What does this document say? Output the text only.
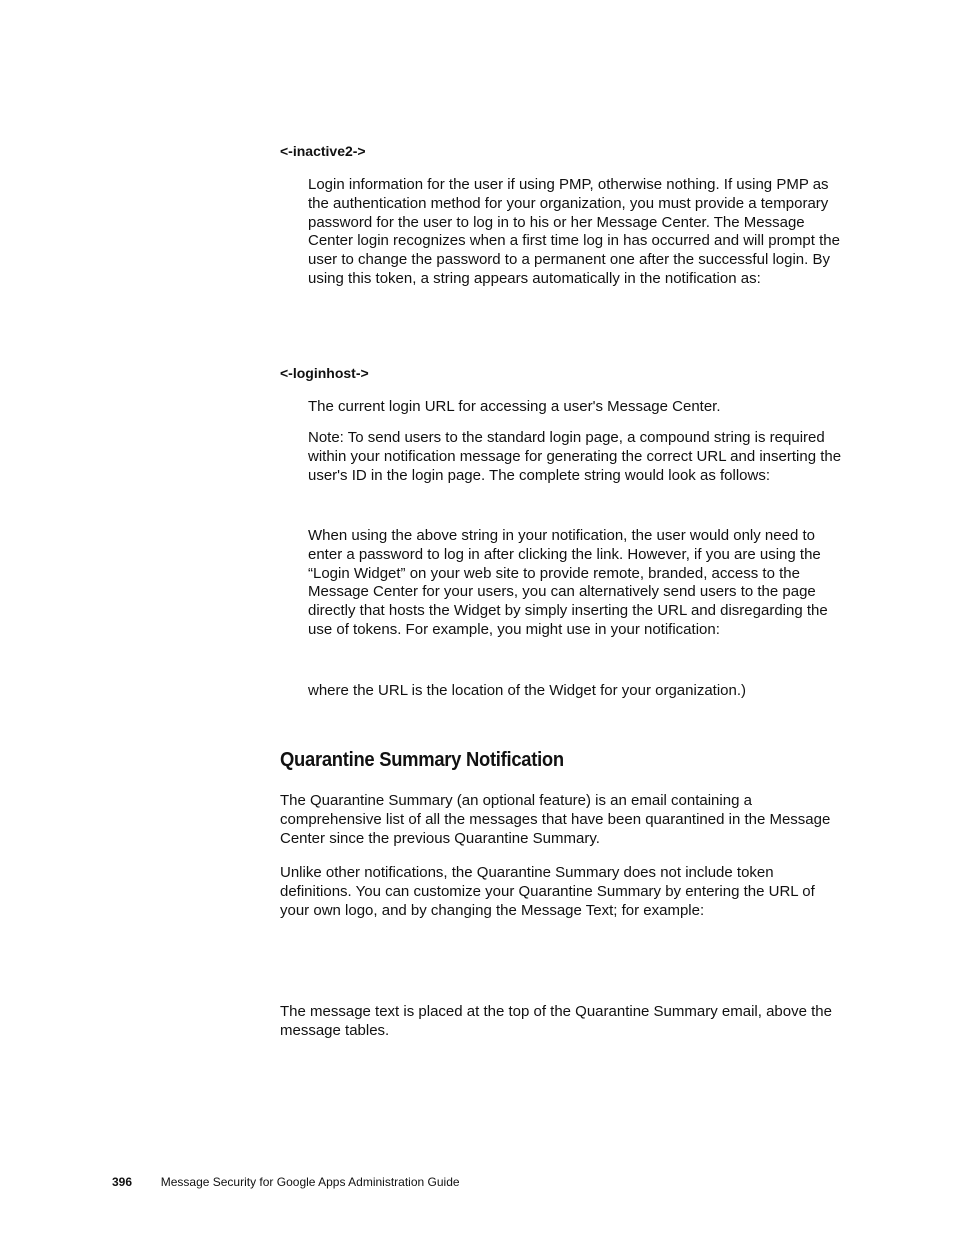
<-inactive2->

Login information for the user if using PMP, otherwise nothing. If using PMP as the authentication method for your organization, you must provide a temporary password for the user to log in to his or her Message Center. The Message Center login recognizes when a first time log in has occurred and will prompt the user to change the password to a permanent one after the successful login. By using this token, a string appears automatically in the notification as:

<-loginhost->

The current login URL for accessing a user's Message Center.

Note: To send users to the standard login page, a compound string is required within your notification message for generating the correct URL and inserting the user's ID in the login page. The complete string would look as follows:

When using the above string in your notification, the user would only need to enter a password to log in after clicking the link. However, if you are using the “Login Widget” on your web site to provide remote, branded, access to the Message Center for your users, you can alternatively send users to the page directly that hosts the Widget by simply inserting the URL and disregarding the use of tokens. For example, you might use in your notification:

where the URL is the location of the Widget for your organization.)

Quarantine Summary Notification

The Quarantine Summary (an optional feature) is an email containing a comprehensive list of all the messages that have been quarantined in the Message Center since the previous Quarantine Summary.

Unlike other notifications, the Quarantine Summary does not include token definitions. You can customize your Quarantine Summary by entering the URL of your own logo, and by changing the Message Text; for example:

The message text is placed at the top of the Quarantine Summary email, above the message tables.

396 Message Security for Google Apps Administration Guide
